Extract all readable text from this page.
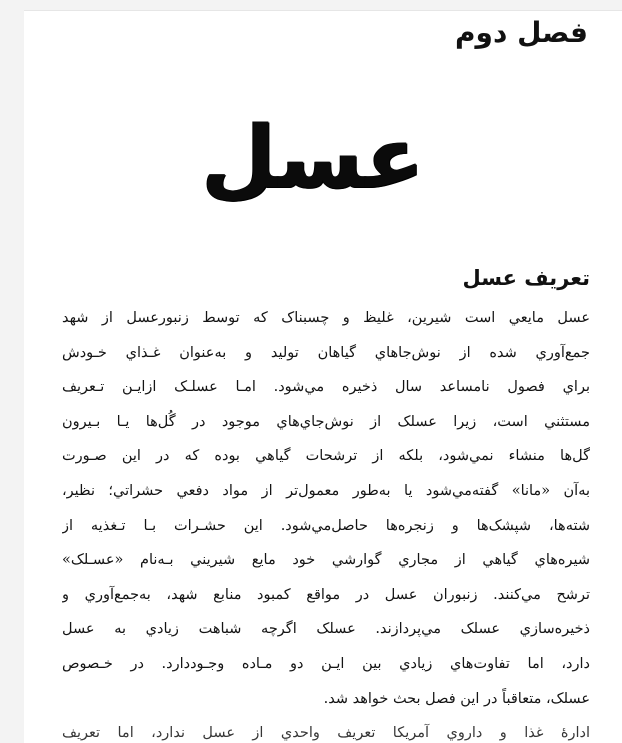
فصل دوم
عسل
تعريف عسل
عسل مايعي است شيرين، غليظ و چسبناک که توسط زنبورعسل از شهد
جمع‌آوري شده از نوش‌جاهاي گياهان توليد و به‌عنوان غـذاي خـودش
براي فصول نامساعد سال ذخيره مي‌شود. امـا عسلـک ازايـن تـعريف
مستثني است، زيرا عسلک از نوش‌جاي‌هاي موجود در گُل‌ها يـا بـيرون
گل‌ها منشاء نمي‌شود، بلکه از ترشحات گياهي بوده که در اين صـورت
به‌آن «مانا» گفته‌مي‌شود يا به‌طور معمول‌تر از مواد دفعي حشراتي؛ نظير،
شته‌ها، شپشک‌ها و زنجره‌ها حاصل‌مي‌شود. اين حشـرات بـا تـغذيه از
شيره‌هاي گياهي از مجاري گوارشي خود مايع شيريني بـه‌نام «عسـلک»
ترشح مي‌کنند. زنبوران عسل در مواقع کمبود منابع شهد، به‌جمع‌آوري و
ذخيره‌سازي عسلک مي‌پردازند. عسلک اگرچه شباهت زيادي به عسل
دارد، اما تفاوت‌هاي زيادي بين ايـن دو مـاده وجـوددارد. در خـصوص
عسلک، متعاقباً در اين فصل بحث خواهد شد.
ادارهٔ غذا و داروي آمريکا تعريف واحدي از عسل ندارد، اما تعريف
